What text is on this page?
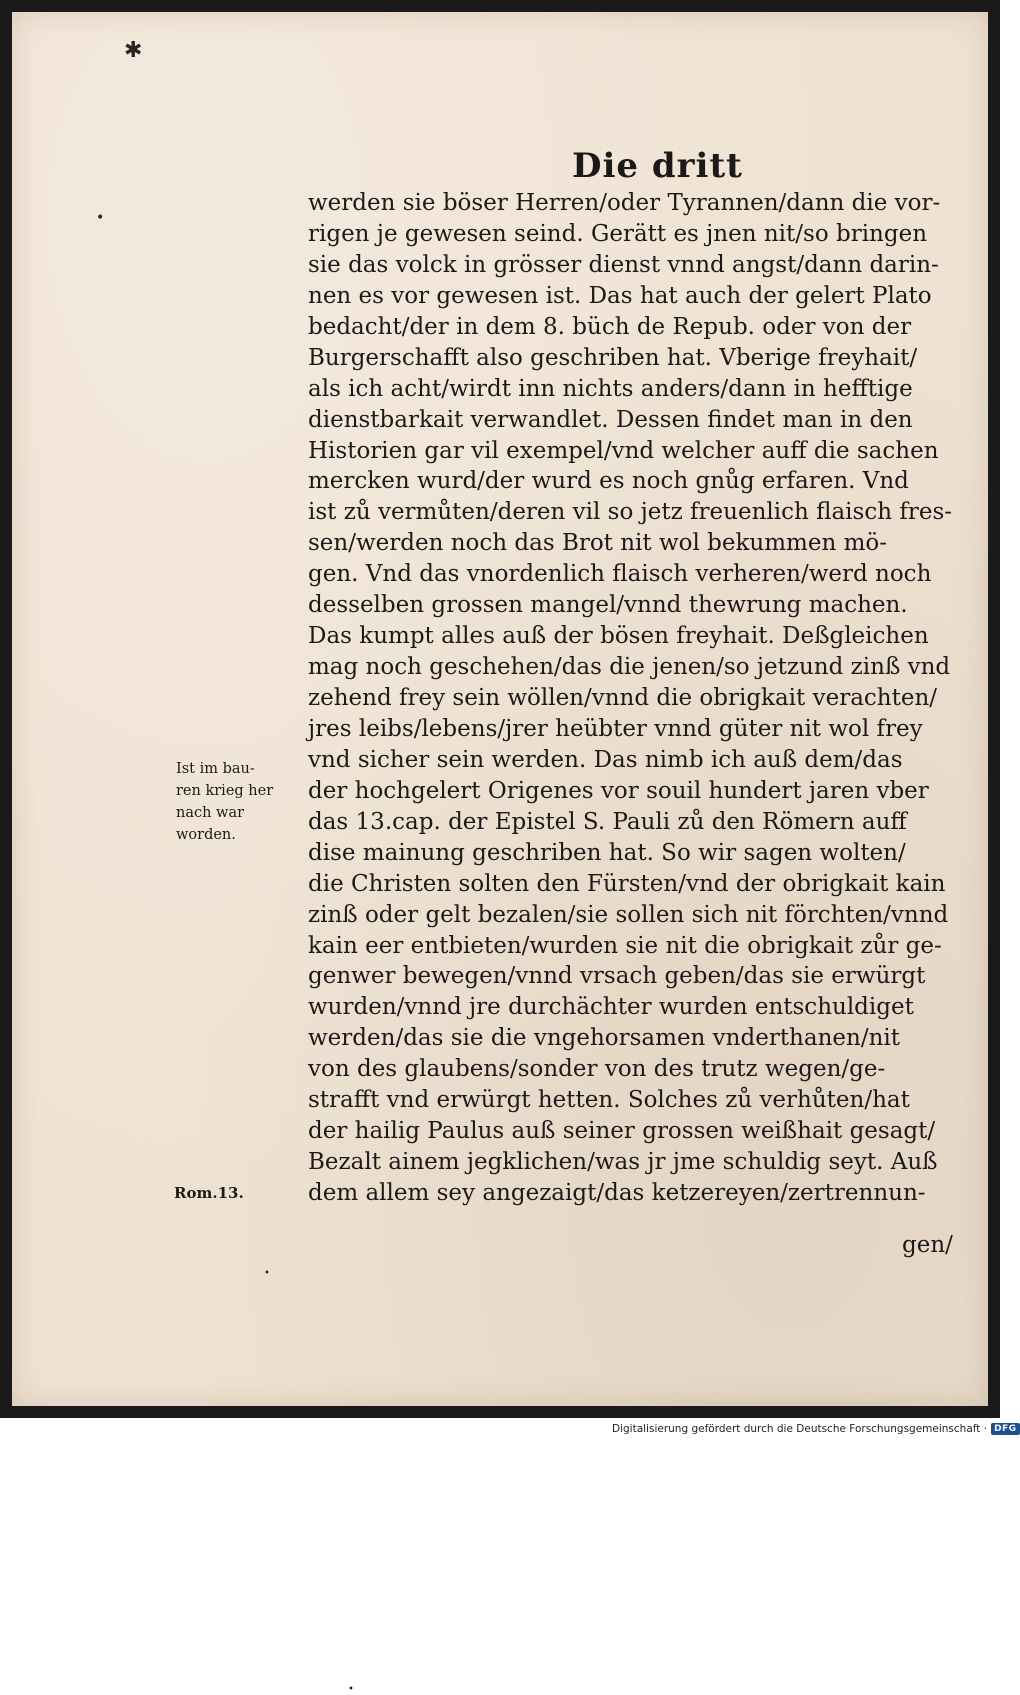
✱
•
•
•
Die dritt
werden sie böser Herren/oder Tyrannen/dann die vor-
rigen je gewesen seind. Gerätt es jnen nit/so bringen
sie das volck in grösser dienst vnnd angst/dann darin-
nen es vor gewesen ist. Das hat auch der gelert Plato
bedacht/der in dem 8. büch de Repub. oder von der
Burgerschafft also geschriben hat. Vberige freyhait/
als ich acht/wirdt inn nichts anders/dann in hefftige
dienstbarkait verwandlet. Dessen findet man in den
Historien gar vil exempel/vnd welcher auff die sachen
mercken wurd/der wurd es noch gnůg erfaren. Vnd
ist zů vermůten/deren vil so jetz freuenlich flaisch fres-
sen/werden noch das Brot nit wol bekummen mö-
gen. Vnd das vnordenlich flaisch verheren/werd noch
desselben grossen mangel/vnnd thewrung machen.
Das kumpt alles auß der bösen freyhait. Deßgleichen
mag noch geschehen/das die jenen/so jetzund zinß vnd
zehend frey sein wöllen/vnnd die obrigkait verachten/
jres leibs/lebens/jrer heübter vnnd güter nit wol frey
vnd sicher sein werden. Das nimb ich auß dem/das
der hochgelert Origenes vor souil hundert jaren vber
das 13.cap. der Epistel S. Pauli zů den Römern auff
dise mainung geschriben hat. So wir sagen wolten/
die Christen solten den Fürsten/vnd der obrigkait kain
zinß oder gelt bezalen/sie sollen sich nit förchten/vnnd
kain eer entbieten/wurden sie nit die obrigkait zůr ge-
genwer bewegen/vnnd vrsach geben/das sie erwürgt
wurden/vnnd jre durchächter wurden entschuldiget
werden/das sie die vngehorsamen vnderthanen/nit
von des glaubens/sonder von des trutz wegen/ge-
strafft vnd erwürgt hetten. Solches zů verhůten/hat
der hailig Paulus auß seiner grossen weißhait gesagt/
Bezalt ainem jegklichen/was jr jme schuldig seyt. Auß
dem allem sey angezaigt/das ketzereyen/zertrennun-
gen/
Ist im bau-
ren krieg her
nach war
worden.
Rom.13.
Digitalisierung gefördert durch die Deutsche Forschungsgemeinschaft · DFG
